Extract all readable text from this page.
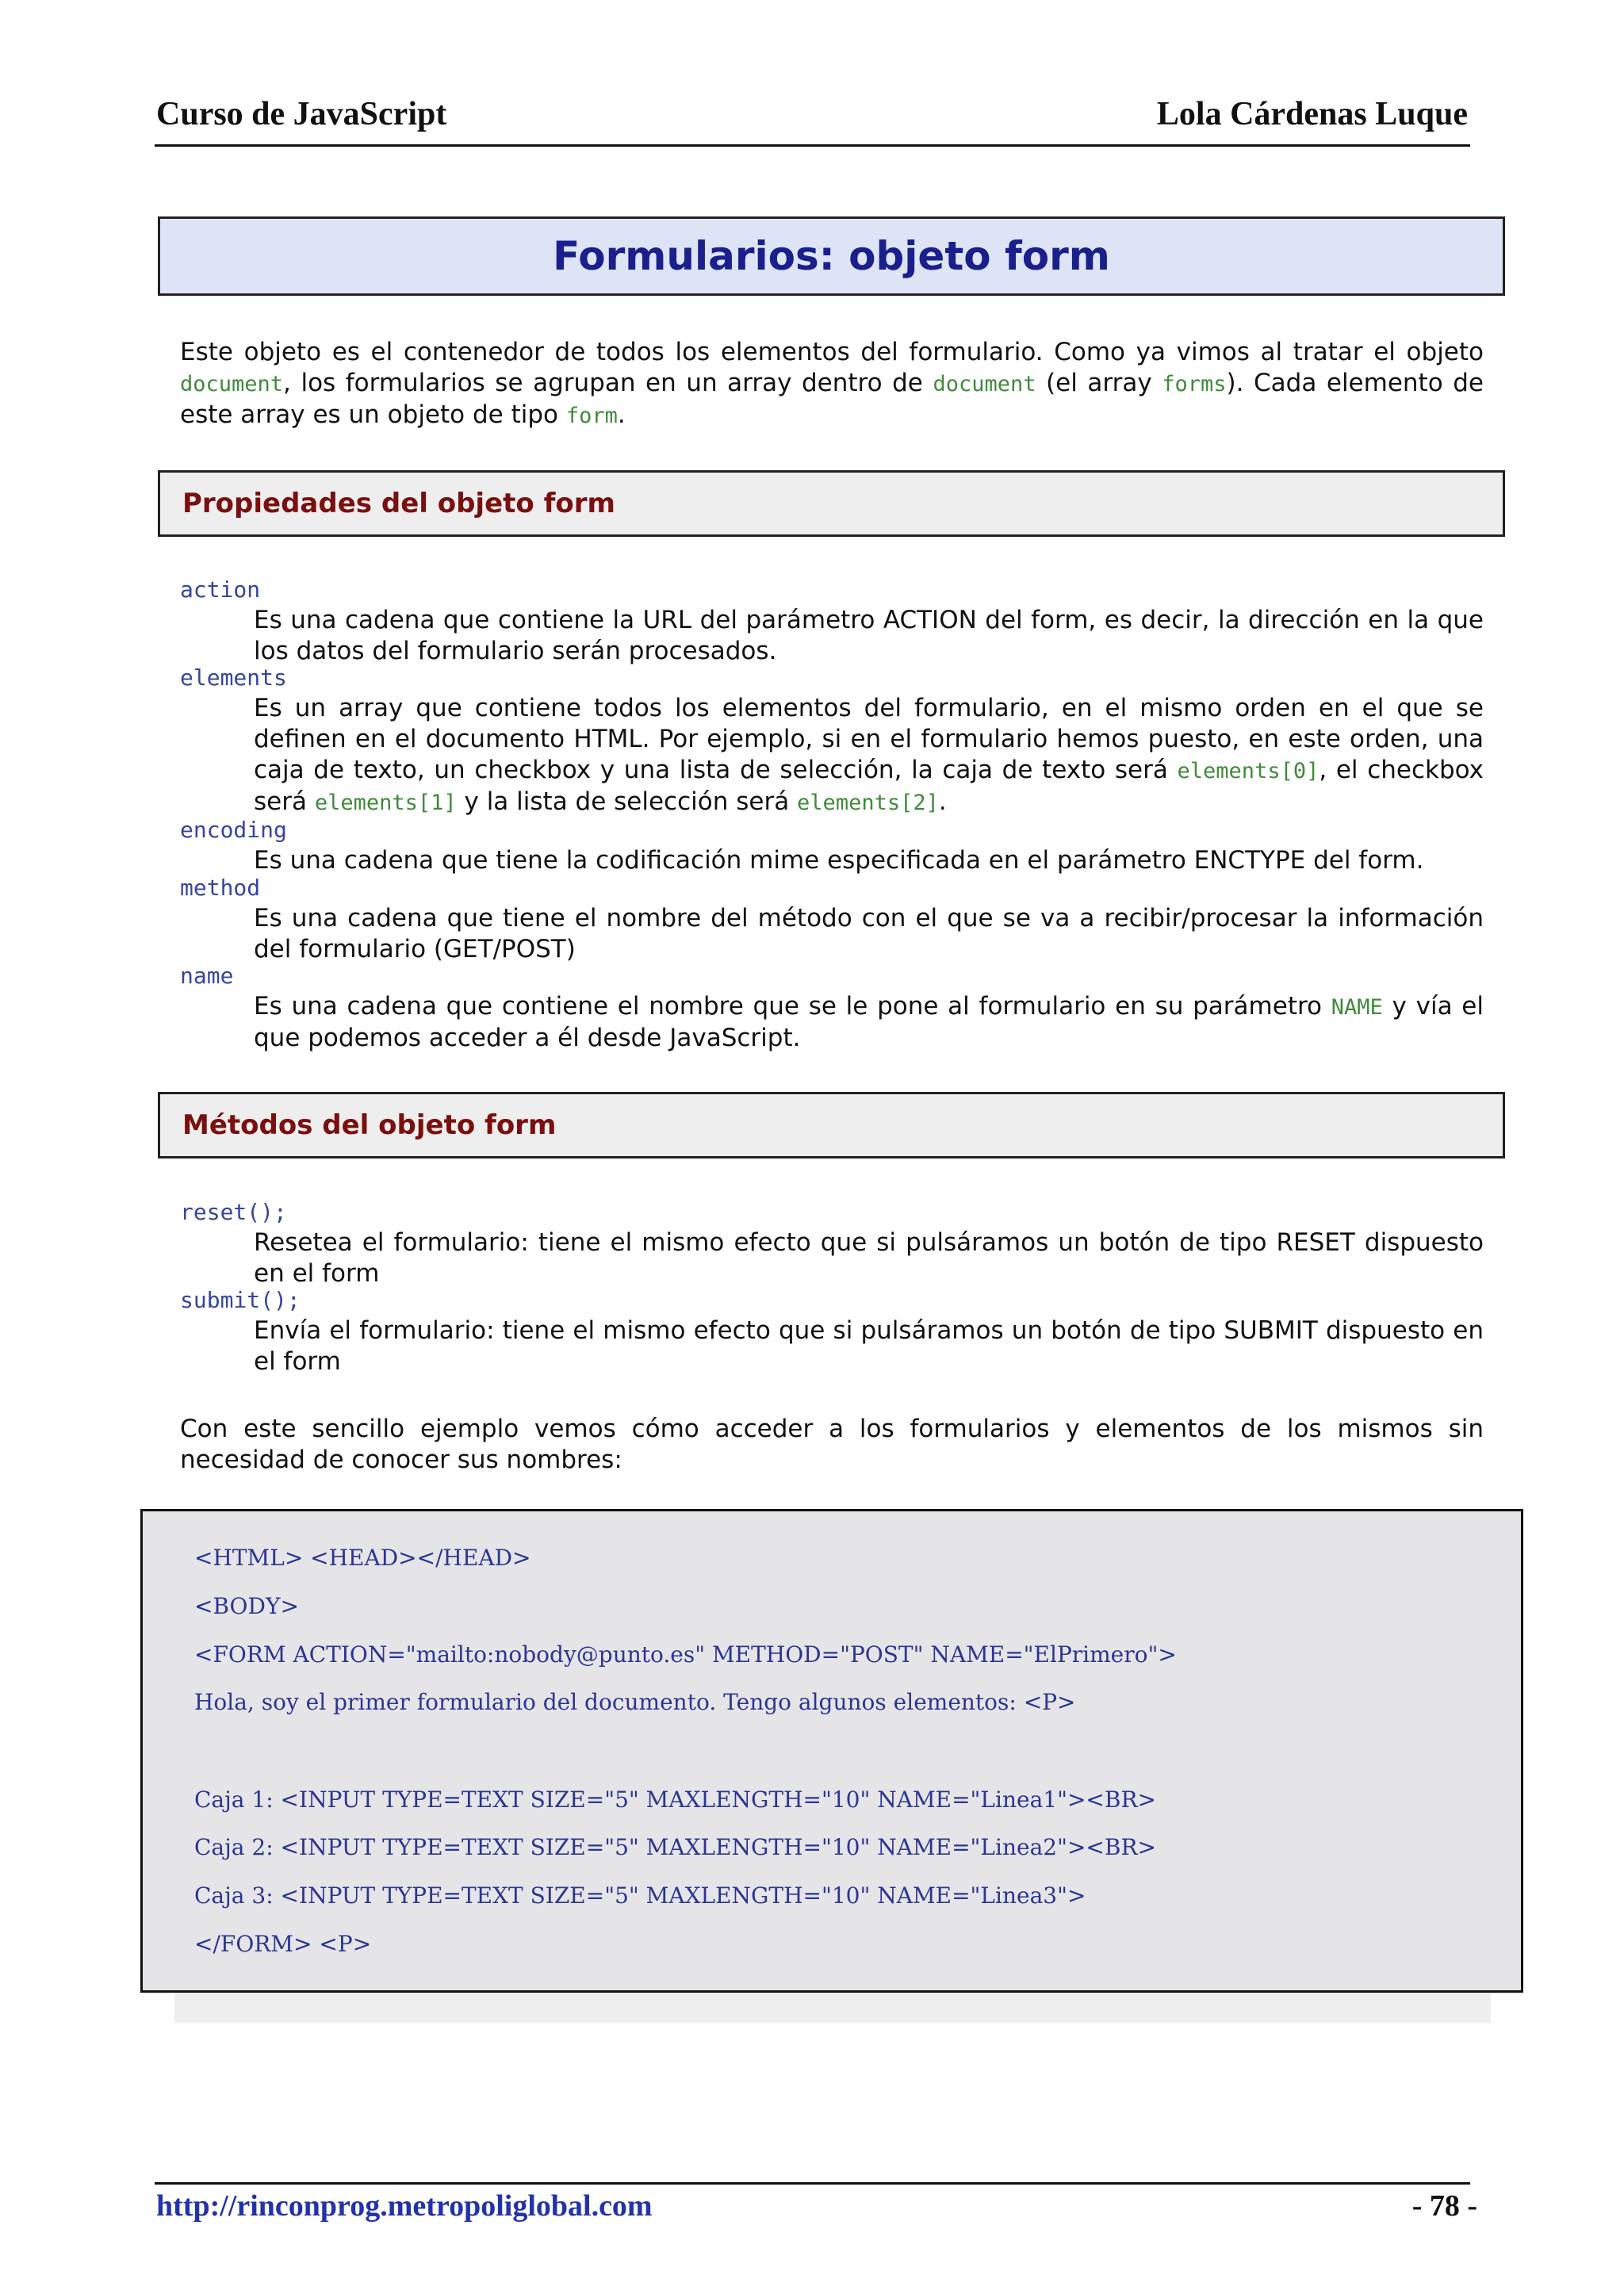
Curso de JavaScript	Lola Cárdenas Luque
Formularios: objeto form

Este objeto es el contenedor de todos los elementos del formulario. Como ya vimos al tratar el objeto document, los formularios se agrupan en un array dentro de document (el array forms). Cada elemento de este array es un objeto de tipo form.

Propiedades del objeto form
action

Es una cadena que contiene la URL del parámetro ACTION del form, es decir, la dirección en la que los datos del formulario serán procesados.

elements

Es un array que contiene todos los elementos del formulario, en el mismo orden en el que se definen en el documento HTML. Por ejemplo, si en el formulario hemos puesto, en este orden, una caja de texto, un checkbox y una lista de selección, la caja de texto será elements[0], el checkbox será elements[1] y la lista de selección será elements[2].

encoding

Es una cadena que tiene la codificación mime especificada en el parámetro ENCTYPE del form.

method

Es una cadena que tiene el nombre del método con el que se va a recibir/procesar la información del formulario (GET/POST)

name

Es una cadena que contiene el nombre que se le pone al formulario en su parámetro NAME y vía el que podemos acceder a él desde JavaScript.

Métodos del objeto form
reset();

Resetea el formulario: tiene el mismo efecto que si pulsáramos un botón de tipo RESET dispuesto en el form

submit();

Envía el formulario: tiene el mismo efecto que si pulsáramos un botón de tipo SUBMIT dispuesto en el form

Con este sencillo ejemplo vemos cómo acceder a los formularios y elementos de los mismos sin necesidad de conocer sus nombres:

<HTML> <HEAD></HEAD>
<BODY>
<FORM ACTION="mailto:nobody@punto.es" METHOD="POST" NAME="ElPrimero">
Hola, soy el primer formulario del documento. Tengo algunos elementos: <P>
Caja 1: <INPUT TYPE=TEXT SIZE="5" MAXLENGTH="10" NAME="Linea1"><BR>
Caja 2: <INPUT TYPE=TEXT SIZE="5" MAXLENGTH="10" NAME="Linea2"><BR>
Caja 3: <INPUT TYPE=TEXT SIZE="5" MAXLENGTH="10" NAME="Linea3">
</FORM> <P>
http://rinconprog.metropoliglobal.com	- 78 -
